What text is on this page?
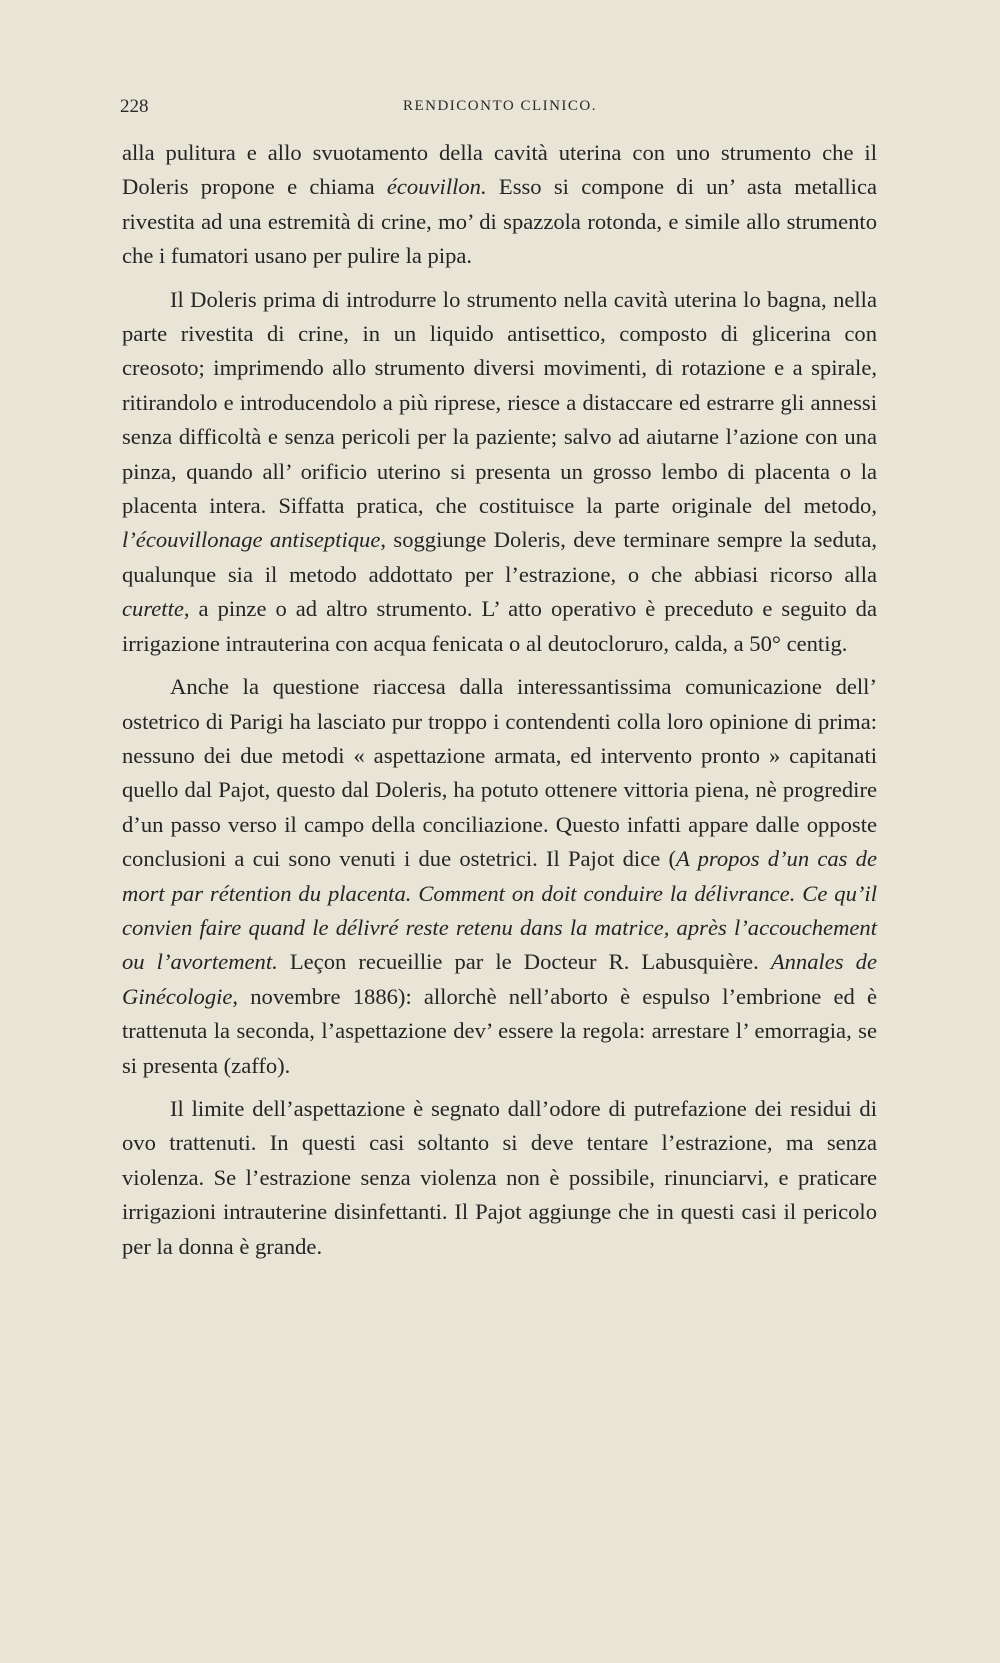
228	RENDICONTO CLINICO.

alla pulitura e allo svuotamento della cavità uterina con uno strumento che il Doleris propone e chiama écouvillon. Esso si compone di un’ asta metallica rivestita ad una estremità di crine, mo’ di spazzola rotonda, e simile allo strumento che i fumatori usano per pulire la pipa.

Il Doleris prima di introdurre lo strumento nella cavità uterina lo bagna, nella parte rivestita di crine, in un liquido antisettico, composto di glicerina con creosoto; imprimendo allo strumento diversi movimenti, di rotazione e a spirale, ritirandolo e introducendolo a più riprese, riesce a distaccare ed estrarre gli annessi senza difficoltà e senza pericoli per la paziente; salvo ad aiutarne l’azione con una pinza, quando all’ orificio uterino si presenta un grosso lembo di placenta o la placenta intera. Siffatta pratica, che costituisce la parte originale del metodo, l’écouvillonage antiseptique, soggiunge Doleris, deve terminare sempre la seduta, qualunque sia il metodo addottato per l’estrazione, o che abbiasi ricorso alla curette, a pinze o ad altro strumento. L’ atto operativo è preceduto e seguito da irrigazione intrauterina con acqua fenicata o al deutocloruro, calda, a 50° centig.

Anche la questione riaccesa dalla interessantissima comunicazione dell’ ostetrico di Parigi ha lasciato pur troppo i contendenti colla loro opinione di prima: nessuno dei due metodi « aspettazione armata, ed intervento pronto » capitanati quello dal Pajot, questo dal Doleris, ha potuto ottenere vittoria piena, nè progredire d’un passo verso il campo della conciliazione. Questo infatti appare dalle opposte conclusioni a cui sono venuti i due ostetrici. Il Pajot dice (A propos d’un cas de mort par rétention du placenta. Comment on doit conduire la délivrance. Ce qu’il convien faire quand le délivré reste retenu dans la matrice, après l’accouchement ou l’avortement. Leçon recueillie par le Docteur R. Labusquière. Annales de Ginécologie, novembre 1886): allorchè nell’aborto è espulso l’embrione ed è trattenuta la seconda, l’aspettazione dev’ essere la regola: arrestare l’ emorragia, se si presenta (zaffo).

Il limite dell’aspettazione è segnato dall’odore di putrefazione dei residui di ovo trattenuti. In questi casi soltanto si deve tentare l’estrazione, ma senza violenza. Se l’estrazione senza violenza non è possibile, rinunciarvi, e praticare irrigazioni intrauterine disinfettanti. Il Pajot aggiunge che in questi casi il pericolo per la donna è grande.
